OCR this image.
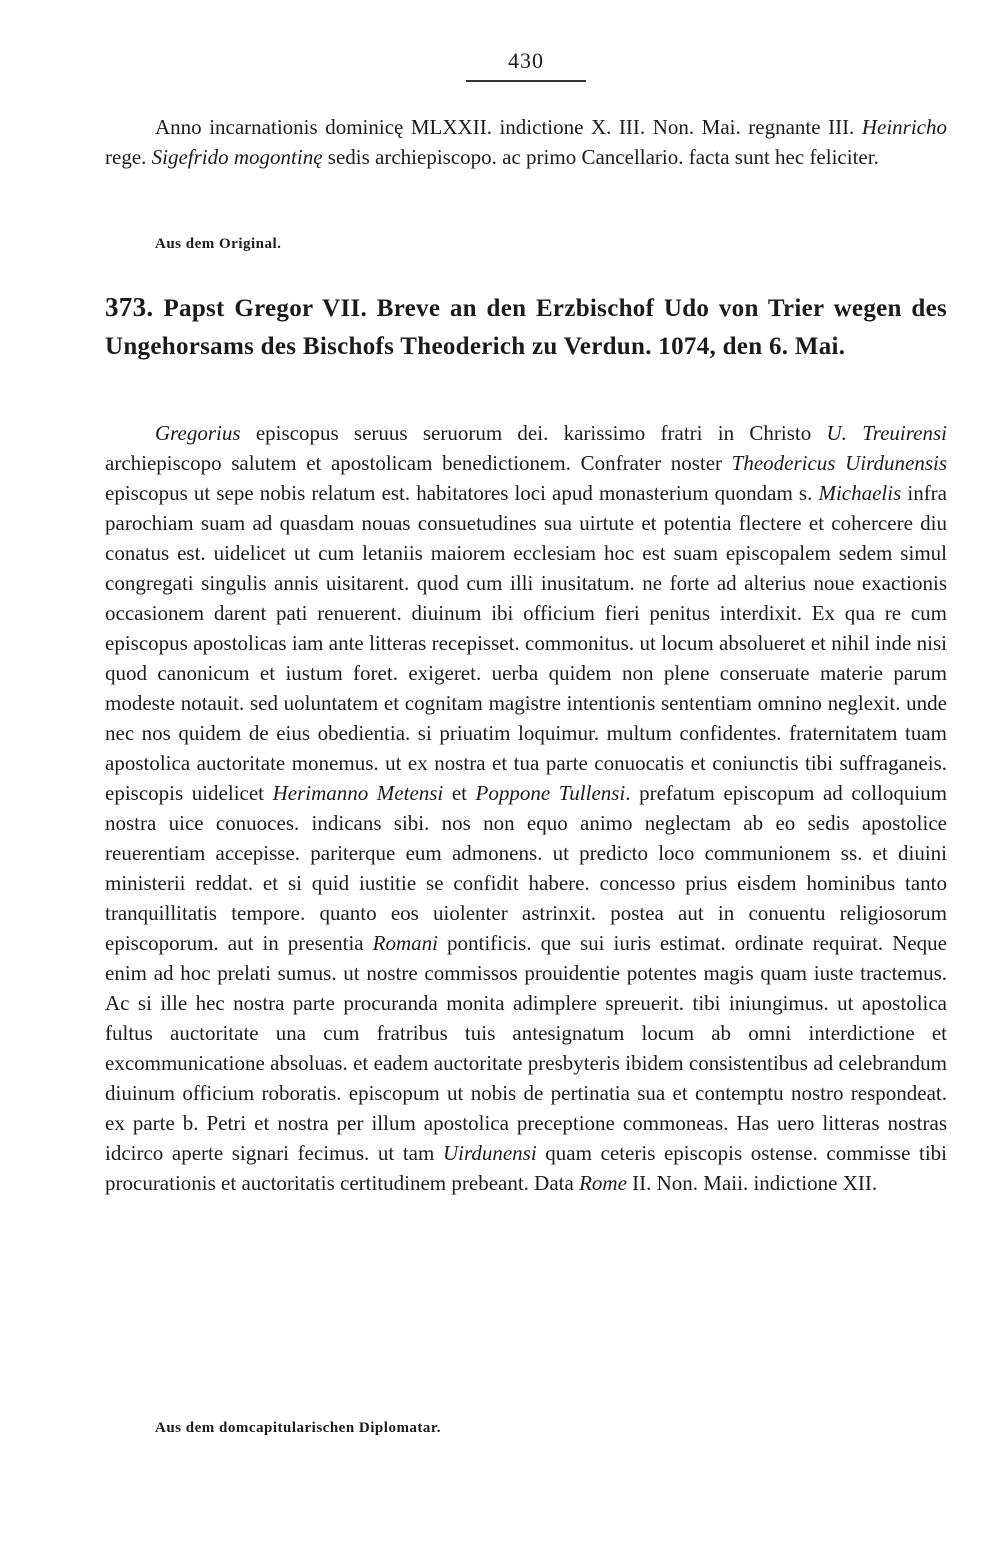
430

Anno incarnationis dominicę MLXXII. indictione X. III. Non. Mai. regnante III. Heinricho rege. Sigefrido mogontinę sedis archiepiscopo. ac primo Cancellario. facta sunt hec feliciter.

Aus dem Original.

373. Papst Gregor VII. Breve an den Erzbischof Udo von Trier wegen des Ungehorsams des Bischofs Theoderich zu Verdun. 1074, den 6. Mai.

Gregorius episcopus seruus seruorum dei. karissimo fratri in Christo U. Treuirensi archiepiscopo salutem et apostolicam benedictionem. Confrater noster Theodericus Uirdunensis episcopus ut sepe nobis relatum est. habitatores loci apud monasterium quondam s. Michaelis infra parochiam suam ad quasdam nouas consuetudines sua uirtute et potentia flectere et cohercere diu conatus est. uidelicet ut cum letaniis maiorem ecclesiam hoc est suam episcopalem sedem simul congregati singulis annis uisitarent. quod cum illi inusitatum. ne forte ad alterius noue exactionis occasionem darent pati renuerent. diuinum ibi officium fieri penitus interdixit. Ex qua re cum episcopus apostolicas iam ante litteras recepisset. commonitus. ut locum absolueret et nihil inde nisi quod canonicum et iustum foret. exigeret. uerba quidem non plene conseruate materie parum modeste notauit. sed uoluntatem et cognitam magistre intentionis sententiam omnino neglexit. unde nec nos quidem de eius obedientia. si priuatim loquimur. multum confidentes. fraternitatem tuam apostolica auctoritate monemus. ut ex nostra et tua parte conuocatis et coniunctis tibi suffraganeis. episcopis uidelicet Herimanno Metensi et Poppone Tullensi. prefatum episcopum ad colloquium nostra uice conuoces. indicans sibi. nos non equo animo neglectam ab eo sedis apostolice reuerentiam accepisse. pariterque eum admonens. ut predicto loco communionem ss. et diuini ministerii reddat. et si quid iustitie se confidit habere. concesso prius eisdem hominibus tanto tranquillitatis tempore. quanto eos uiolenter astrinxit. postea aut in conuentu religiosorum episcoporum. aut in presentia Romani pontificis. que sui iuris estimat. ordinate requirat. Neque enim ad hoc prelati sumus. ut nostre commissos prouidentie potentes magis quam iuste tractemus. Ac si ille hec nostra parte procuranda monita adimplere spreuerit. tibi iniungimus. ut apostolica fultus auctoritate una cum fratribus tuis antesignatum locum ab omni interdictione et excommunicatione absoluas. et eadem auctoritate presbyteris ibidem consistentibus ad celebrandum diuinum officium roboratis. episcopum ut nobis de pertinatia sua et contemptu nostro respondeat. ex parte b. Petri et nostra per illum apostolica preceptione commoneas. Has uero litteras nostras idcirco aperte signari fecimus. ut tam Uirdunensi quam ceteris episcopis ostense. commisse tibi procurationis et auctoritatis certitudinem prebeant. Data Rome II. Non. Maii. indictione XII.

Aus dem domcapitularischen Diplomatar.
